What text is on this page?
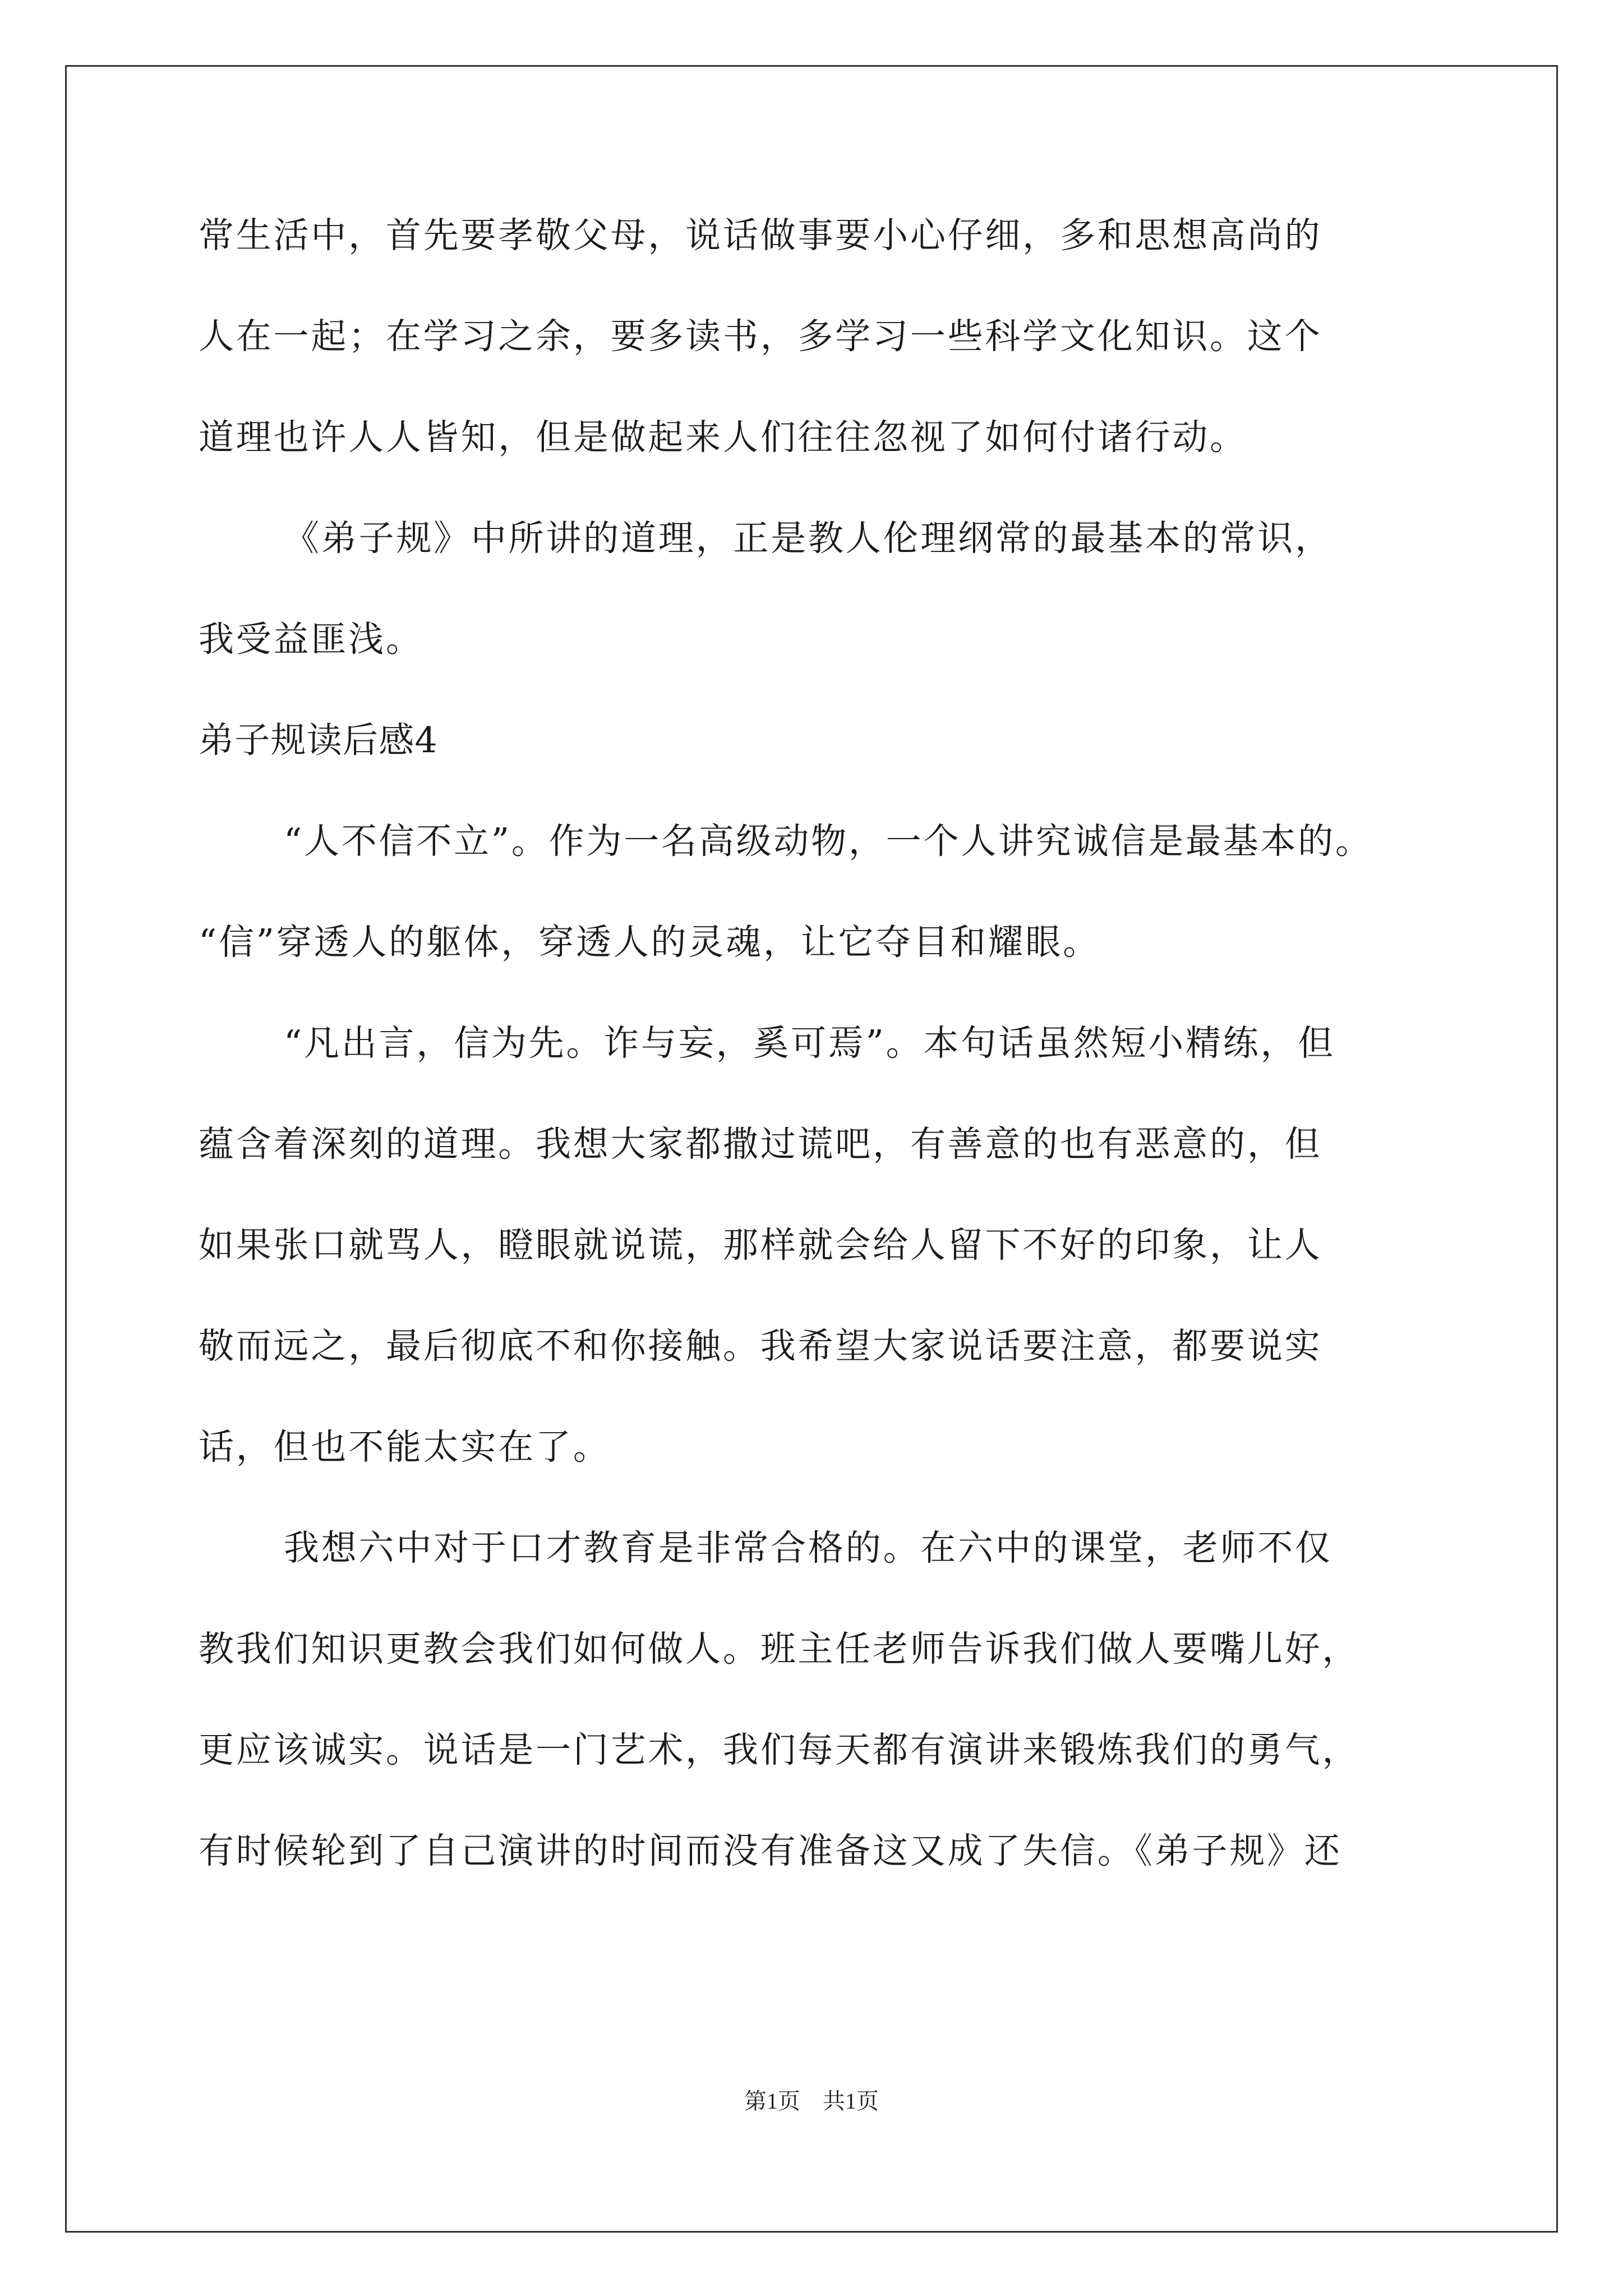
常生活中，首先要孝敬父母，说话做事要小心仔细，多和思想高尚的
人在一起；在学习之余，要多读书，多学习一些科学文化知识。这个
道理也许人人皆知，但是做起来人们往往忽视了如何付诸行动。
《弟子规》中所讲的道理，正是教人伦理纲常的最基本的常识，
我受益匪浅。
弟子规读后感4
“人不信不立”。作为一名高级动物，一个人讲究诚信是最基本的。
“信”穿透人的躯体，穿透人的灵魂，让它夺目和耀眼。
“凡出言，信为先。诈与妄，奚可焉”。本句话虽然短小精练，但
蕴含着深刻的道理。我想大家都撒过谎吧，有善意的也有恶意的，但
如果张口就骂人，瞪眼就说谎，那样就会给人留下不好的印象，让人
敬而远之，最后彻底不和你接触。我希望大家说话要注意，都要说实
话，但也不能太实在了。
我想六中对于口才教育是非常合格的。在六中的课堂，老师不仅
教我们知识更教会我们如何做人。班主任老师告诉我们做人要嘴儿好，
更应该诚实。说话是一门艺术，我们每天都有演讲来锻炼我们的勇气，
有时候轮到了自己演讲的时间而没有准备这又成了失信。《弟子规》还
第1页　共1页
